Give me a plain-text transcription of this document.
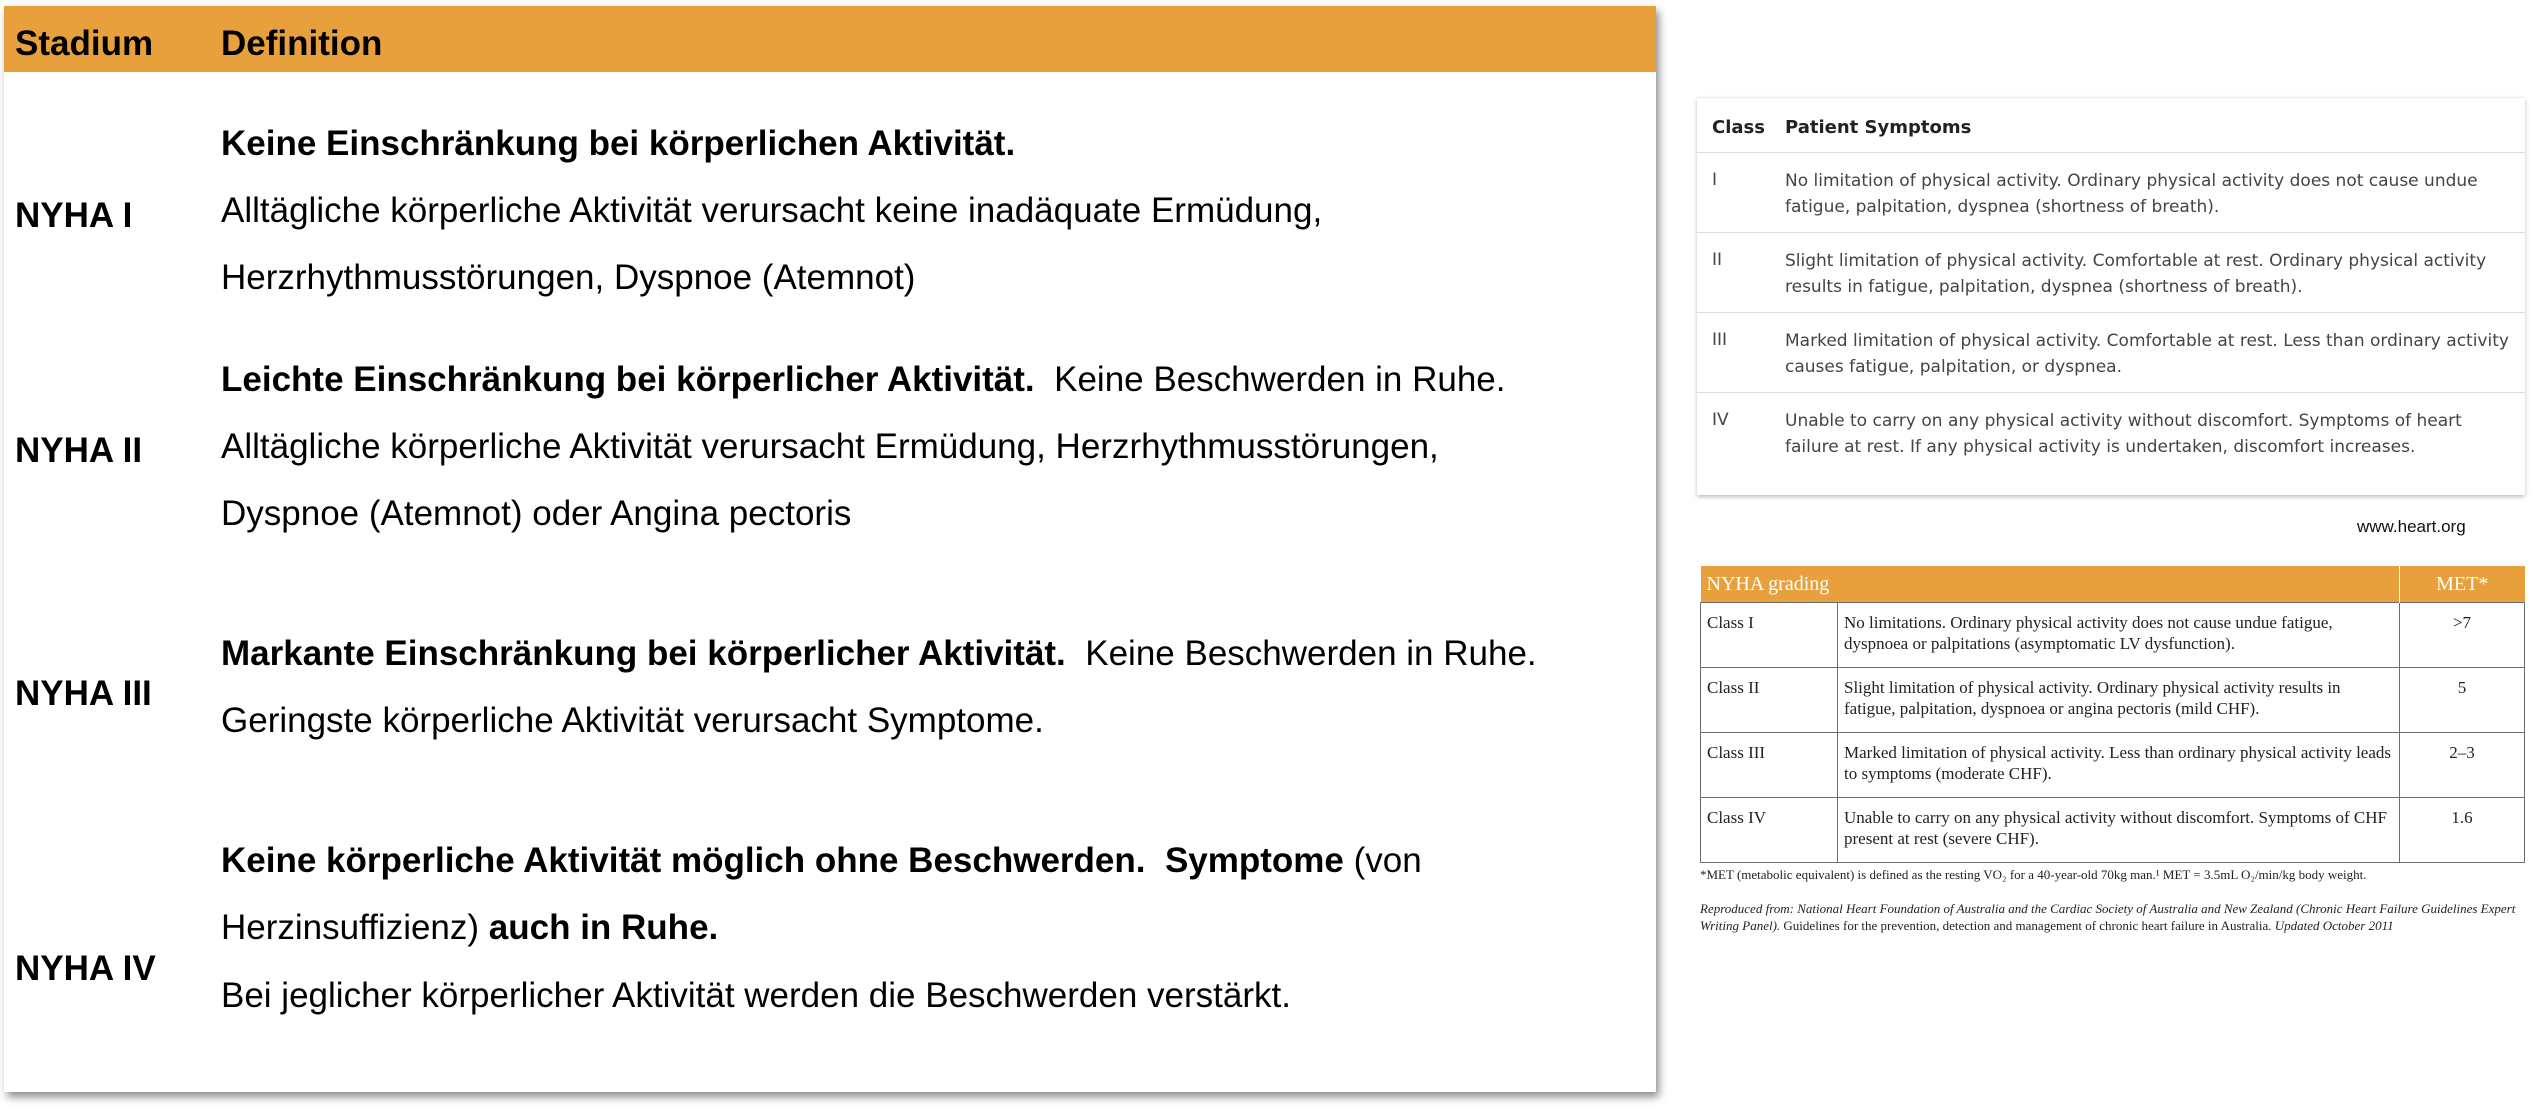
Stadium Definition
NYHA I
Keine Einschränkung bei körperlichen Aktivität.
Alltägliche körperliche Aktivität verursacht keine inadäquate Ermüdung,
Herzrhythmusstörungen, Dyspnoe (Atemnot)
NYHA II
Leichte Einschränkung bei körperlicher Aktivität.  Keine Beschwerden in Ruhe.
Alltägliche körperliche Aktivität verursacht Ermüdung, Herzrhythmusstörungen,
Dyspnoe (Atemnot) oder Angina pectoris
NYHA III
Markante Einschränkung bei körperlicher Aktivität.  Keine Beschwerden in Ruhe.
Geringste körperliche Aktivität verursacht Symptome.
NYHA IV
Keine körperliche Aktivität möglich ohne Beschwerden.  Symptome (von
Herzinsuffizienz) auch in Ruhe.
Bei jeglicher körperlicher Aktivität werden die Beschwerden verstärkt.
Class Patient Symptoms
I	No limitation of physical activity. Ordinary physical activity does not cause undue fatigue, palpitation, dyspnea (shortness of breath).
II	Slight limitation of physical activity. Comfortable at rest. Ordinary physical activity results in fatigue, palpitation, dyspnea (shortness of breath).
III	Marked limitation of physical activity. Comfortable at rest. Less than ordinary activity causes fatigue, palpitation, or dyspnea.
IV	Unable to carry on any physical activity without discomfort. Symptoms of heart failure at rest. If any physical activity is undertaken, discomfort increases.
www.heart.org
NYHA grading		MET*
Class I	No limitations. Ordinary physical activity does not cause undue fatigue, dyspnoea or palpitations (asymptomatic LV dysfunction).	>7
Class II	Slight limitation of physical activity. Ordinary physical activity results in fatigue, palpitation, dyspnoea or angina pectoris (mild CHF).	5
Class III	Marked limitation of physical activity. Less than ordinary physical activity leads to symptoms (moderate CHF).	2–3
Class IV	Unable to carry on any physical activity without discomfort. Symptoms of CHF present at rest (severe CHF).	1.6
*MET (metabolic equivalent) is defined as the resting VO₂ for a 40-year-old 70kg man.¹ MET = 3.5mL O₂/min/kg body weight.
Reproduced from: National Heart Foundation of Australia and the Cardiac Society of Australia and New Zealand (Chronic Heart Failure Guidelines Expert Writing Panel). Guidelines for the prevention, detection and management of chronic heart failure in Australia. Updated October 2011
